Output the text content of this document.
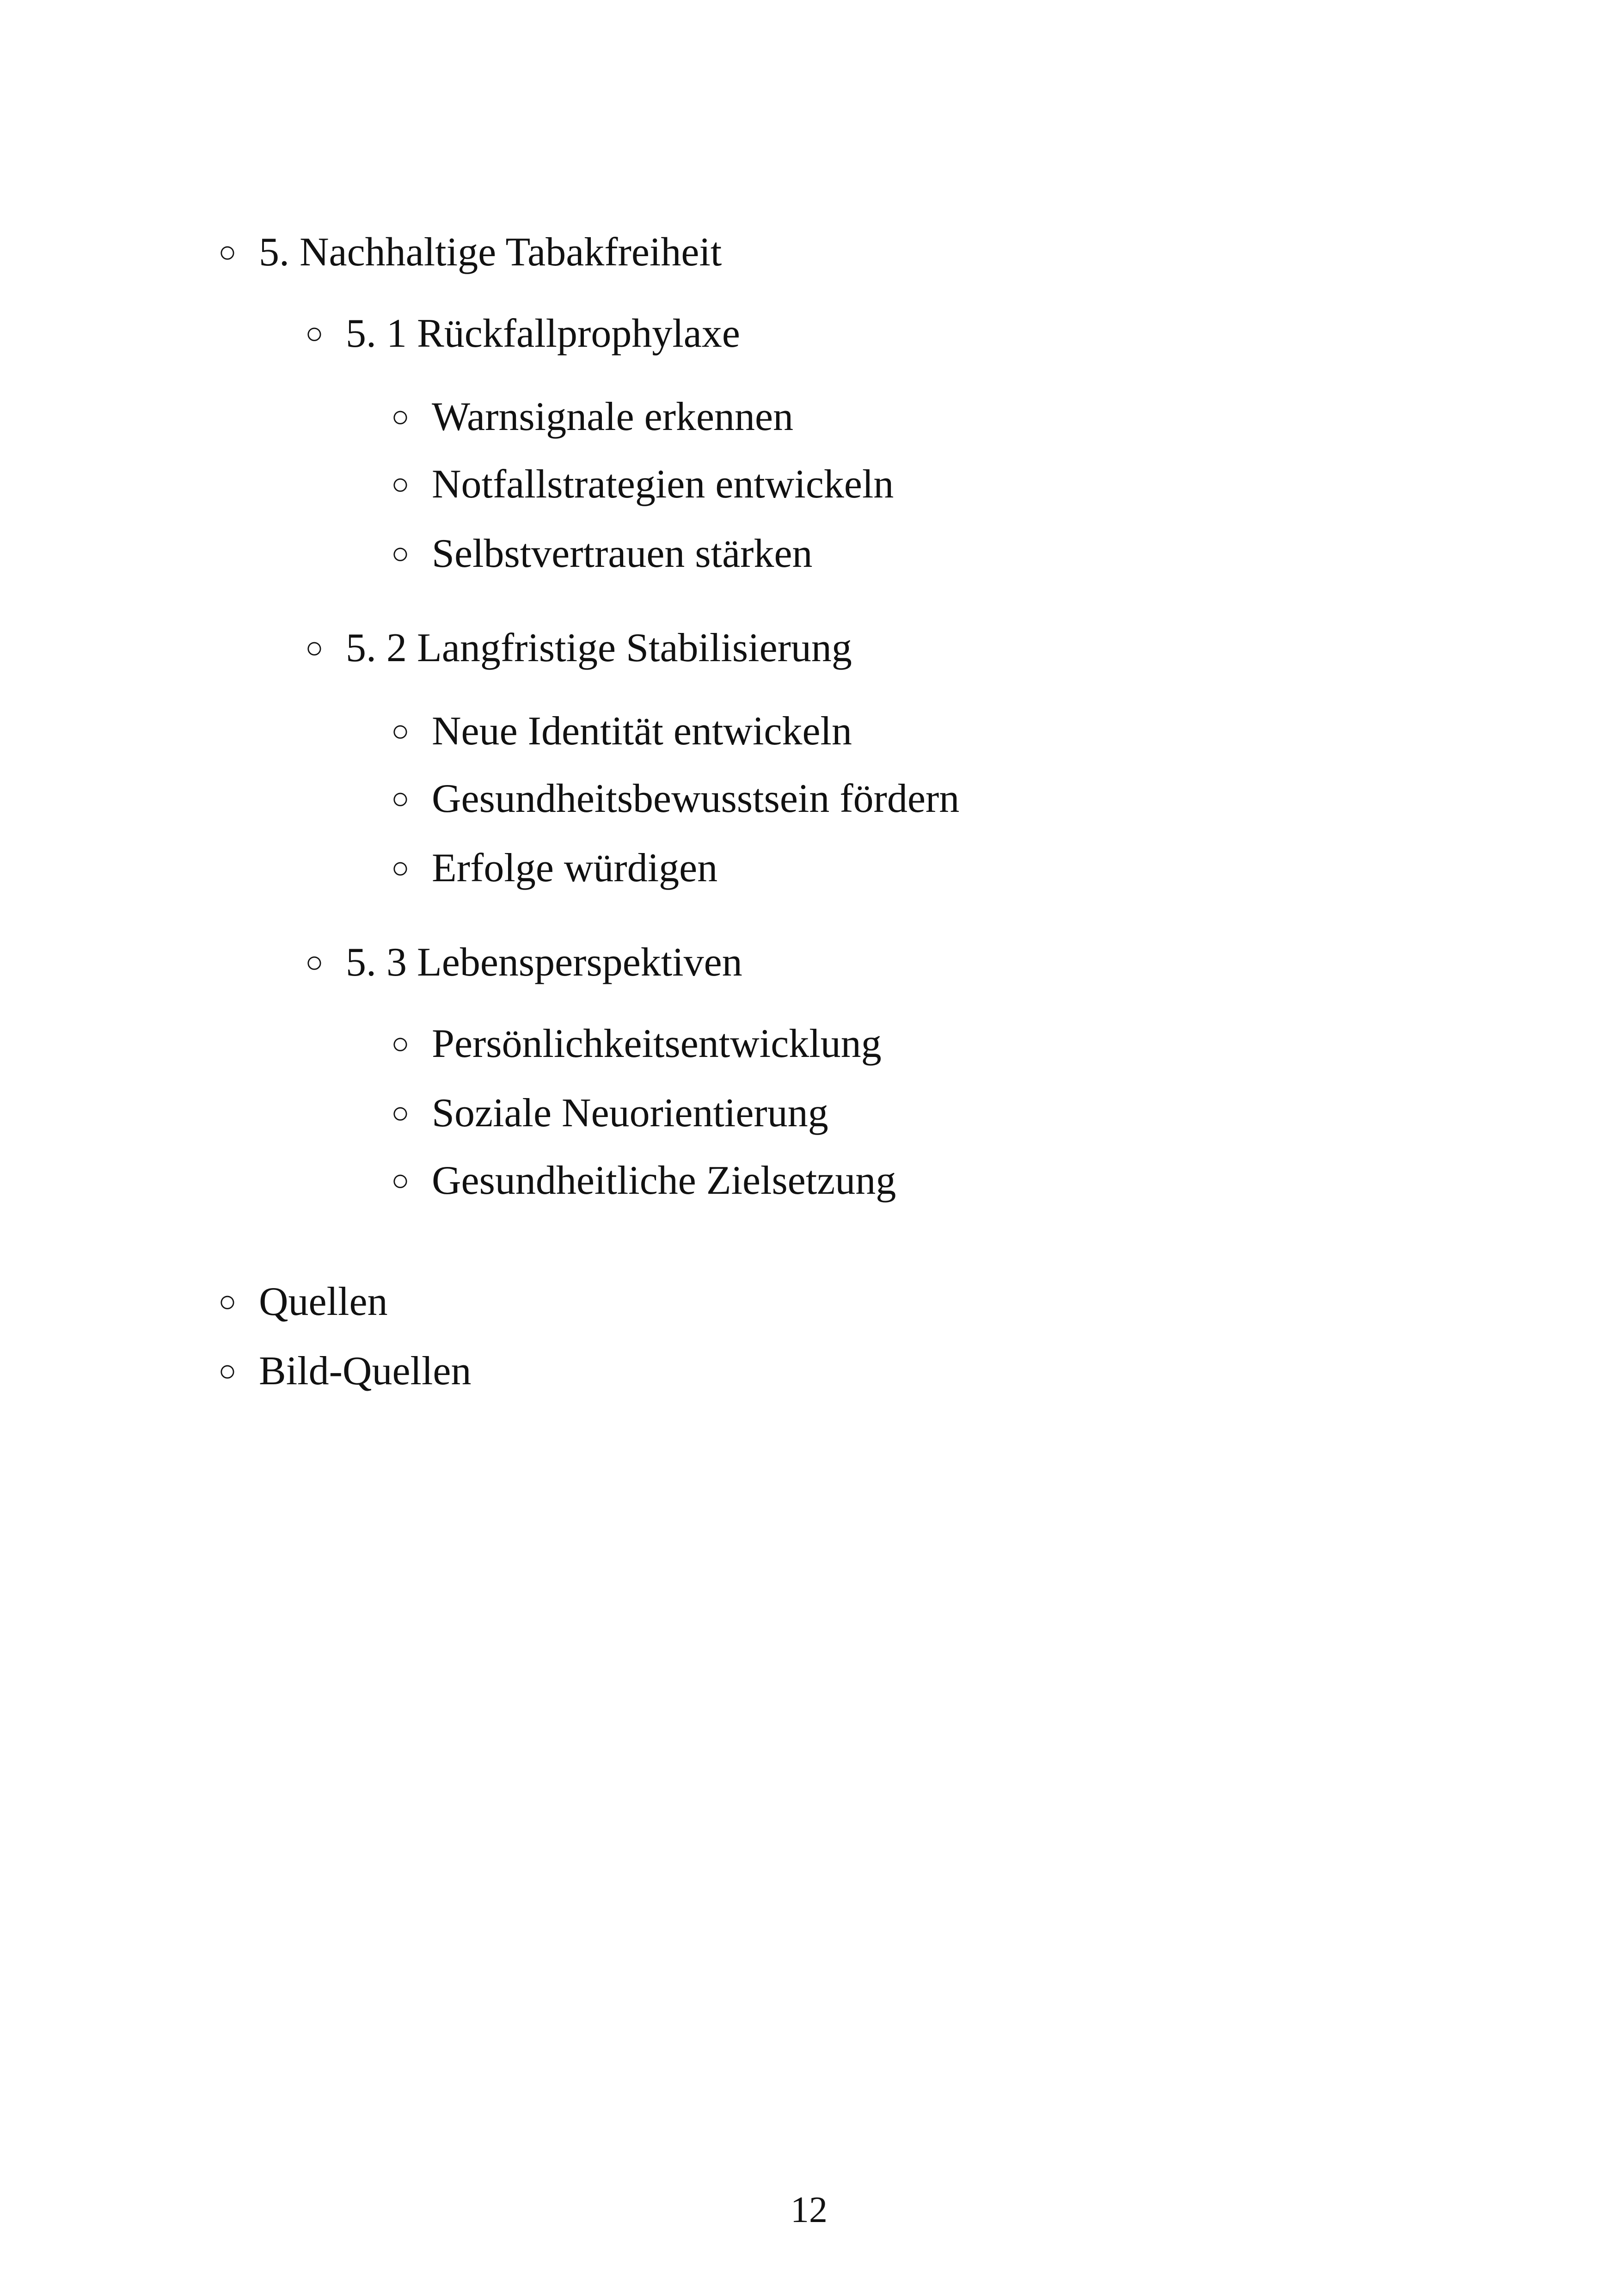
○ 5. Nachhaltige Tabakfreiheit
○ 5. 1 Rückfallprophylaxe
○ Warnsignale erkennen
○ Notfallstrategien entwickeln
○ Selbstvertrauen stärken
○ 5. 2 Langfristige Stabilisierung
○ Neue Identität entwickeln
○ Gesundheitsbewusstsein fördern
○ Erfolge würdigen
○ 5. 3 Lebensperspektiven
○ Persönlichkeitsentwicklung
○ Soziale Neuorientierung
○ Gesundheitliche Zielsetzung
○ Quellen
○ Bild-Quellen
12
